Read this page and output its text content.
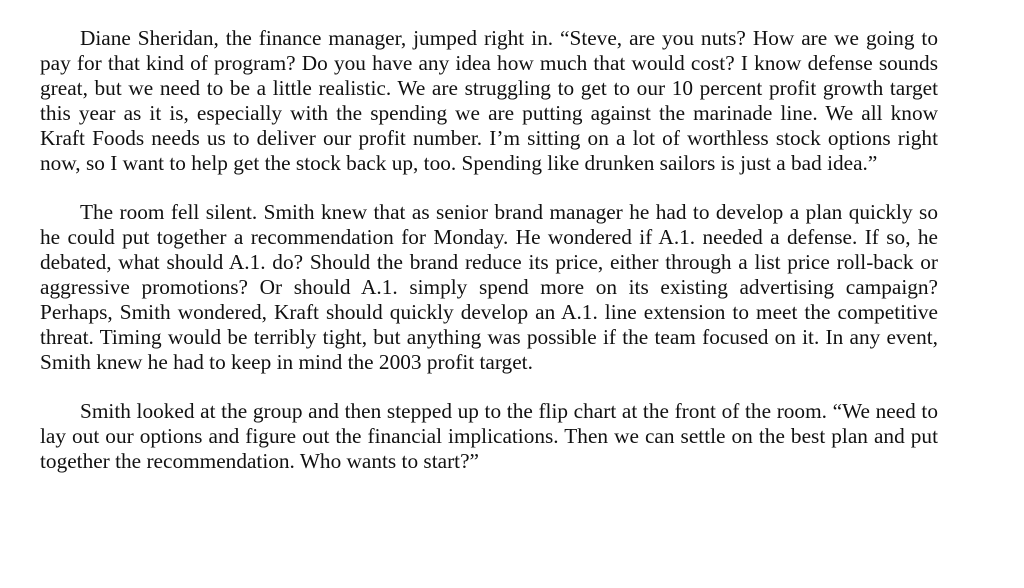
Diane Sheridan, the finance manager, jumped right in. “Steve, are you nuts? How are we going to pay for that kind of program? Do you have any idea how much that would cost? I know defense sounds great, but we need to be a little realistic. We are struggling to get to our 10 percent profit growth target this year as it is, especially with the spending we are putting against the marinade line. We all know Kraft Foods needs us to deliver our profit number. I’m sitting on a lot of worthless stock options right now, so I want to help get the stock back up, too. Spending like drunken sailors is just a bad idea.”

The room fell silent. Smith knew that as senior brand manager he had to develop a plan quickly so he could put together a recommendation for Monday. He wondered if A.1. needed a defense. If so, he debated, what should A.1. do? Should the brand reduce its price, either through a list price roll-back or aggressive promotions? Or should A.1. simply spend more on its existing advertising campaign? Perhaps, Smith wondered, Kraft should quickly develop an A.1. line extension to meet the competitive threat. Timing would be terribly tight, but anything was possible if the team focused on it. In any event, Smith knew he had to keep in mind the 2003 profit target.

Smith looked at the group and then stepped up to the flip chart at the front of the room. “We need to lay out our options and figure out the financial implications. Then we can settle on the best plan and put together the recommendation. Who wants to start?”
